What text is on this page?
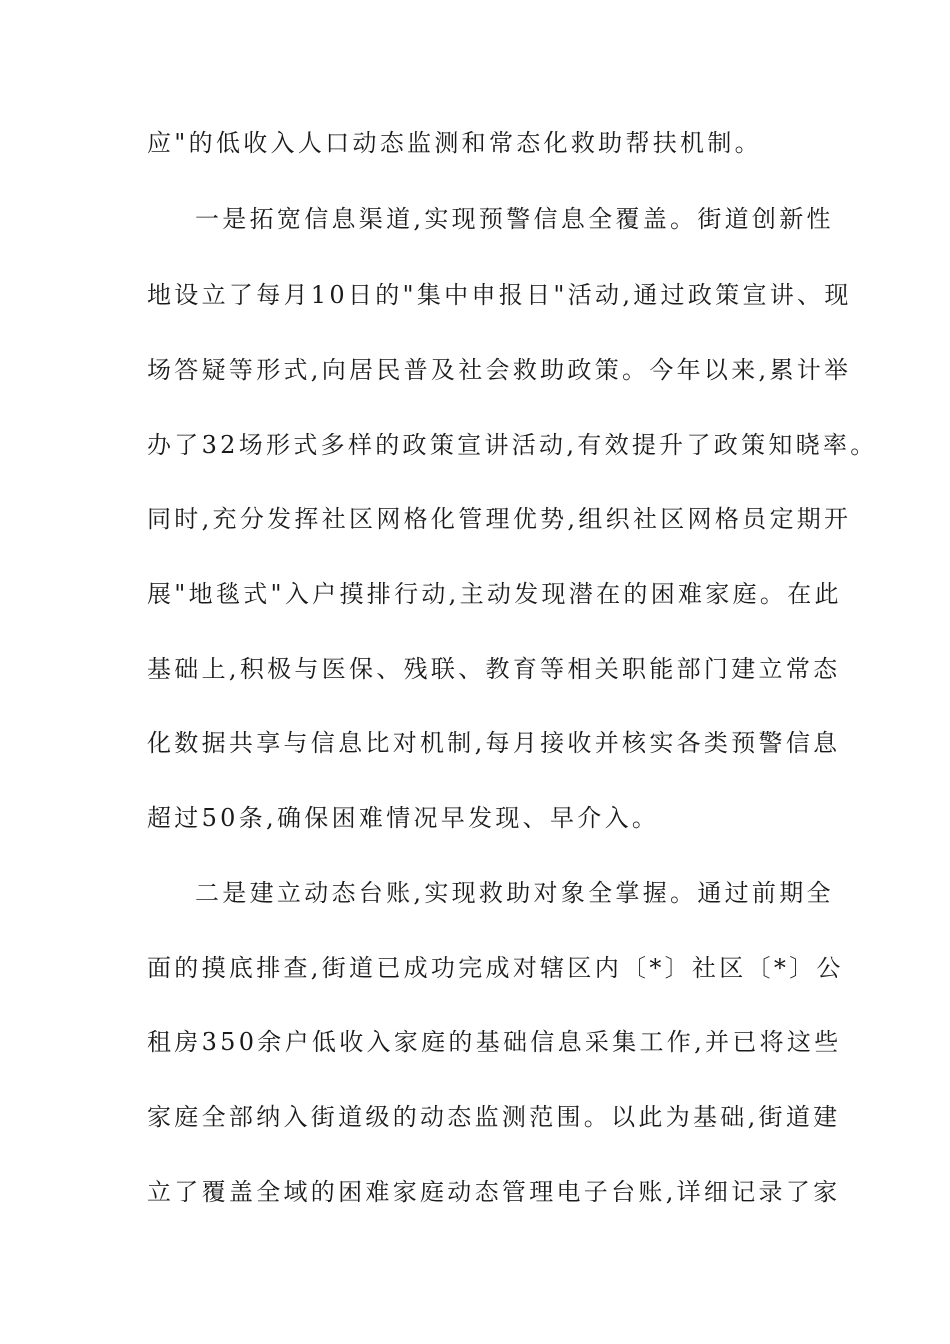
应"的低收入人口动态监测和常态化救助帮扶机制。
一是拓宽信息渠道,实现预警信息全覆盖。街道创新性
地设立了每月10日的"集中申报日"活动,通过政策宣讲、现
场答疑等形式,向居民普及社会救助政策。今年以来,累计举
办了32场形式多样的政策宣讲活动,有效提升了政策知晓率。
同时,充分发挥社区网格化管理优势,组织社区网格员定期开
展"地毯式"入户摸排行动,主动发现潜在的困难家庭。在此
基础上,积极与医保、残联、教育等相关职能部门建立常态
化数据共享与信息比对机制,每月接收并核实各类预警信息
超过50条,确保困难情况早发现、早介入。
二是建立动态台账,实现救助对象全掌握。通过前期全
面的摸底排查,街道已成功完成对辖区内〔*〕社区〔*〕公
租房350余户低收入家庭的基础信息采集工作,并已将这些
家庭全部纳入街道级的动态监测范围。以此为基础,街道建
立了覆盖全域的困难家庭动态管理电子台账,详细记录了家
